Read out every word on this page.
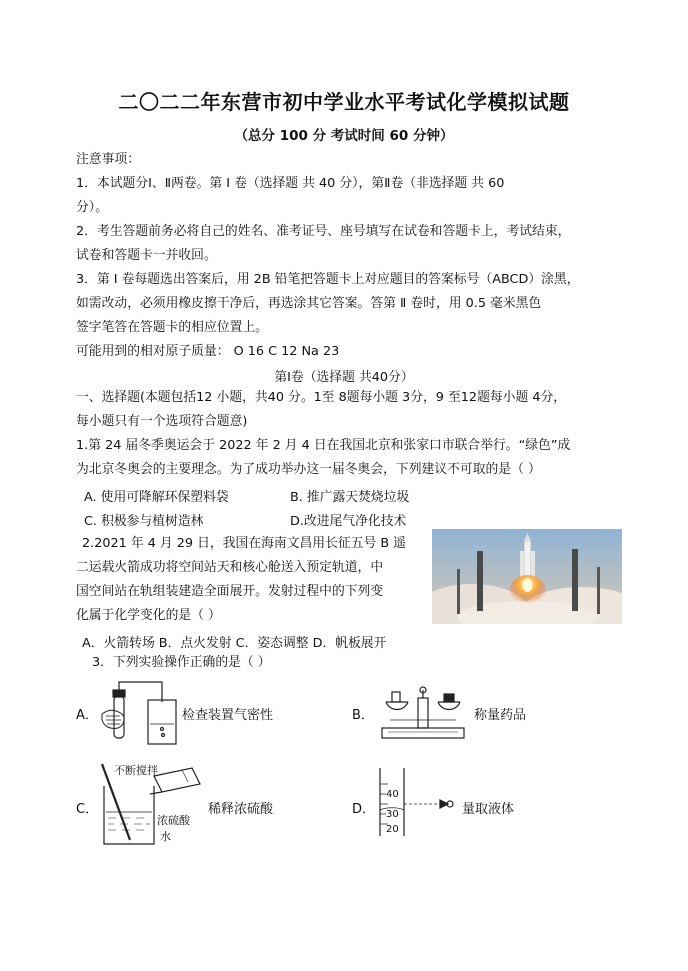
二〇二二年东营市初中学业水平考试化学模拟试题
（总分 100 分 考试时间 60 分钟）
注意事项：
1．本试题分Ⅰ、Ⅱ两卷。第 Ⅰ 卷（选择题 共 40 分），第Ⅱ卷（非选择题 共 60
分）。
2．考生答题前务必将自己的姓名、准考证号、座号填写在试卷和答题卡上，考试结束，
试卷和答题卡一并收回。
3．第 Ⅰ 卷每题选出答案后，用 2B 铅笔把答题卡上对应题目的答案标号（ABCD）涂黑，
如需改动，必须用橡皮擦干净后，再选涂其它答案。答第 Ⅱ 卷时，用 0.5 毫米黑色
签字笔答在答题卡的相应位置上。
可能用到的相对原子质量： O 16 C 12 Na 23
第Ⅰ卷（选择题 共40分）
一、选择题(本题包括12 小题，共40 分。1至 8题每小题 3分，9 至12题每小题 4分，
每小题只有一个选项符合题意)
1.第 24 届冬季奥运会于 2022 年 2 月 4 日在我国北京和张家口市联合举行。“绿色”成
为北京冬奥会的主要理念。为了成功举办这一届冬奥会，下列建议不可取的是（ ）
A. 使用可降解环保塑料袋	B. 推广露天焚烧垃圾
C. 积极参与植树造林	D.改进尾气净化技术
2.2021 年 4 月 29 日，我国在海南文昌用长征五号 B 遥
二运载火箭成功将空间站天和核心舱送入预定轨道，中
国空间站在轨组装建造全面展开。发射过程中的下列变
化属于化学变化的是（ ）
A．火箭转场 B．点火发射 C．姿态调整 D．帆板展开
3．下列实验操作正确的是（ ）
A．	检查装置气密性	B．	称量药品
C．
不断搅拌
浓硫酸
水
稀释浓硫酸	D．
40
30
20
量取液体
